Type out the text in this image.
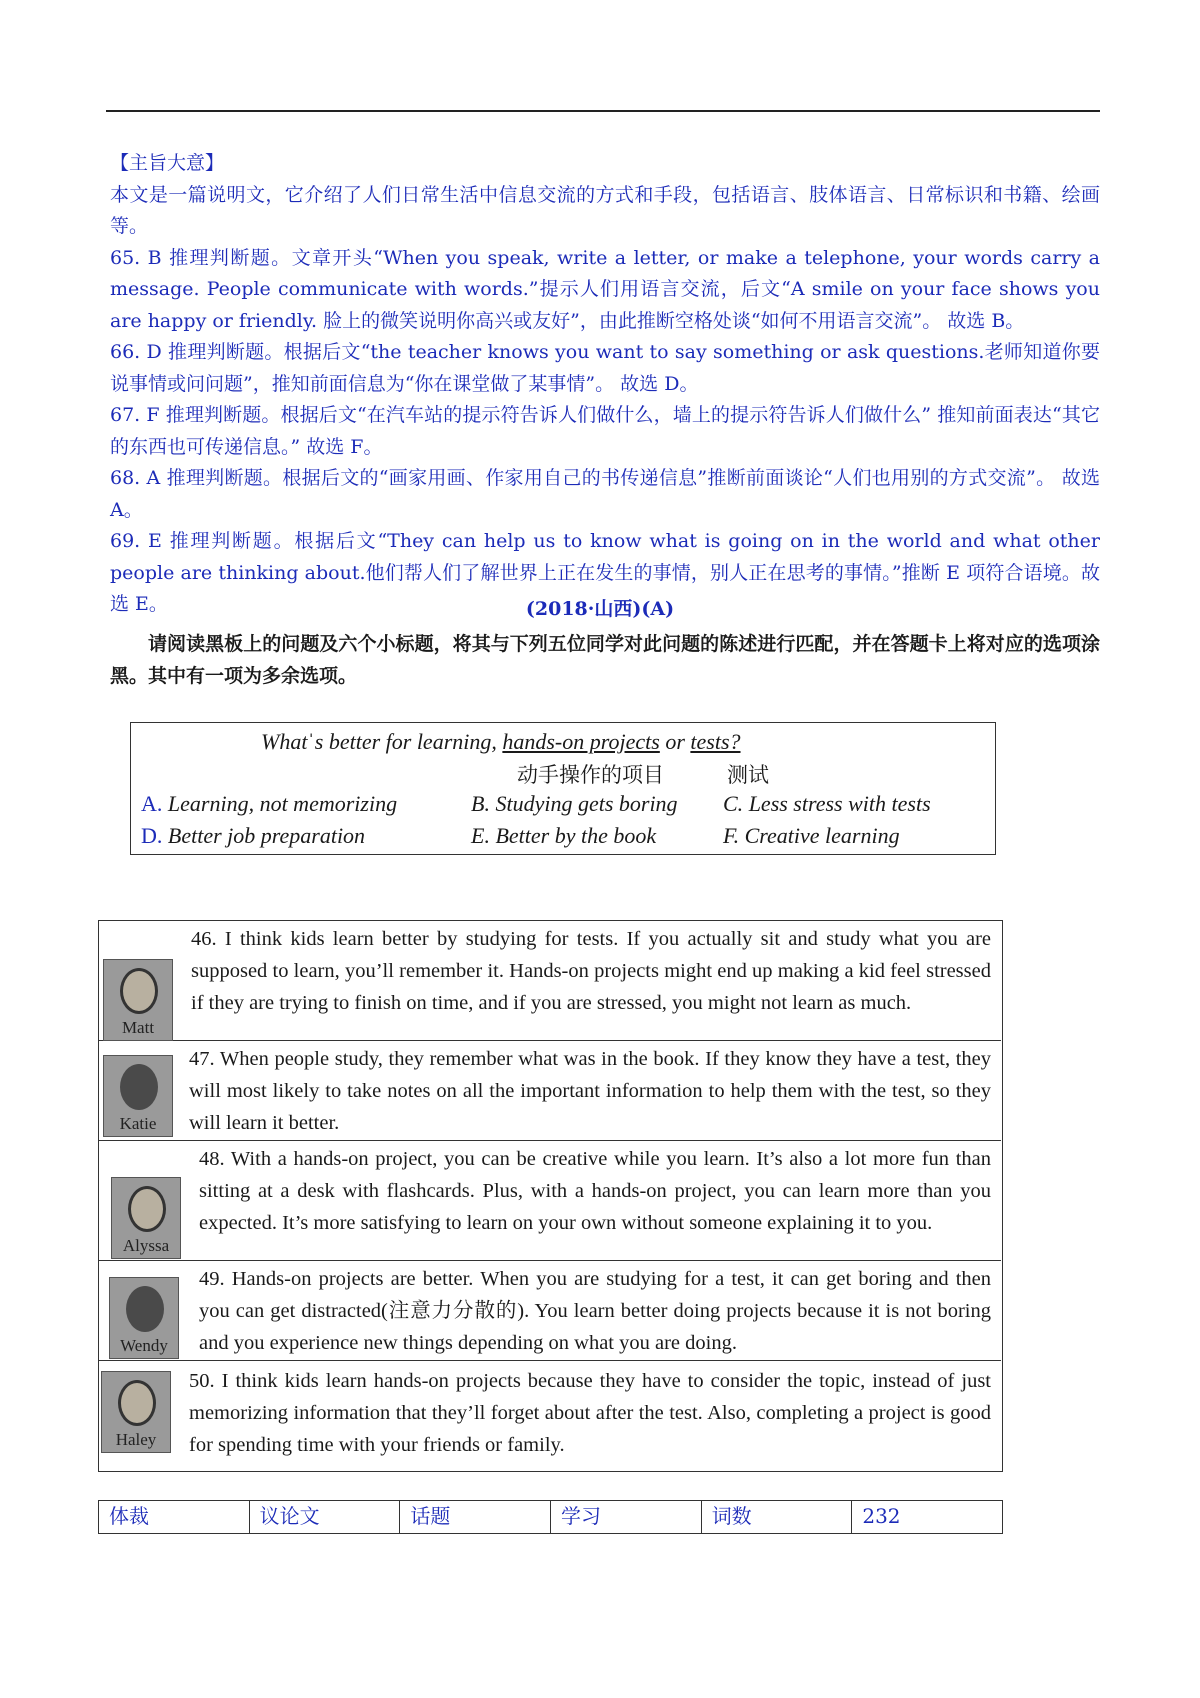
【主旨大意】

本文是一篇说明文，它介绍了人们日常生活中信息交流的方式和手段，包括语言、肢体语言、日常标识和书籍、绘画等。

65. B 推理判断题。文章开头“When you speak, write a letter, or make a telephone, your words carry a message. People communicate with words.”提示人们用语言交流，后文“A smile on your face shows you are happy or friendly. 脸上的微笑说明你高兴或友好”，由此推断空格处谈“如何不用语言交流”。 故选 B。

66. D 推理判断题。根据后文“the teacher knows you want to say something or ask questions.老师知道你要说事情或问问题”，推知前面信息为“你在课堂做了某事情”。 故选 D。

67. F 推理判断题。根据后文“在汽车站的提示符告诉人们做什么，墙上的提示符告诉人们做什么” 推知前面表达“其它的东西也可传递信息。” 故选 F。

68. A 推理判断题。根据后文的“画家用画、作家用自己的书传递信息”推断前面谈论“人们也用别的方式交流”。 故选 A。

69. E 推理判断题。根据后文“They can help us to know what is going on in the world and what other people are thinking about.他们帮人们了解世界上正在发生的事情，别人正在思考的事情。”推断 E 项符合语境。故选 E。	(2018·山西)(A)
请阅读黑板上的问题及六个小标题，将其与下列五位同学对此问题的陈述进行匹配，并在答题卡上将对应的选项涂黑。其中有一项为多余选项。
Whatˈs better for learning, hands-on projects or tests?
动手操作的项目	测试
A. Learning, not memorizing	B. Studying gets boring C. Less stress with tests
D. Better job preparation	E. Better by the book	F. Creative learning
Matt
46. I think kids learn better by studying for tests. If you actually sit and study what you are supposed to learn, you’ll remember it. Hands-on projects might end up making a kid feel stressed if they are trying to finish on time, and if you are stressed, you might not learn as much.
Katie
47. When people study, they remember what was in the book. If they know they have a test, they will most likely to take notes on all the important information to help them with the test, so they will learn it better.
Alyssa
48. With a hands-on project, you can be creative while you learn. It’s also a lot more fun than sitting at a desk with flashcards. Plus, with a hands-on project, you can learn more than you expected. It’s more satisfying to learn on your own without someone explaining it to you.
Wendy
49. Hands-on projects are better. When you are studying for a test, it can get boring and then you can get distracted(注意力分散的). You learn better doing projects because it is not boring and you experience new things depending on what you are doing.
Haley
50. I think kids learn hands-on projects because they have to consider the topic, instead of just memorizing information that they’ll forget about after the test. Also, completing a project is good for spending time with your friends or family.
体裁	议论文	话题	学习	词数	232
